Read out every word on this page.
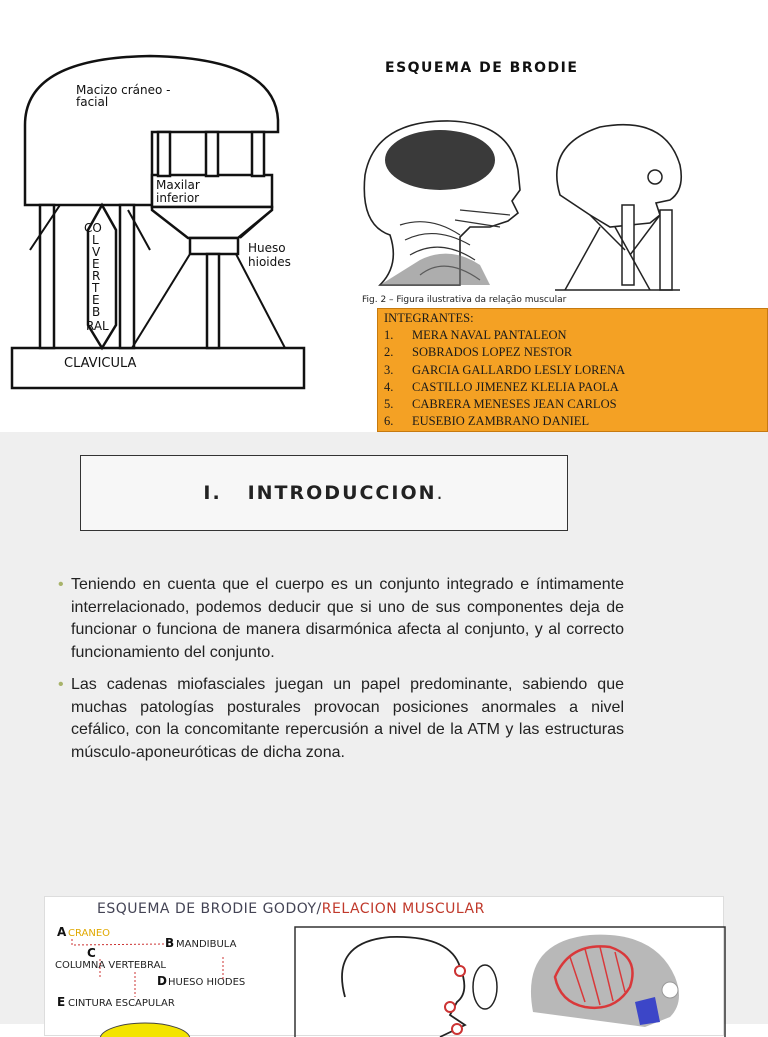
Macizo cráneo -
facial
Maxilar
inferior
Hueso
hioides
CO
L
V
E
R
T
E
B
RAL
CLAVICULA
ESQUEMA DE BRODIE
Fig. 2 – Figura ilustrativa da relação muscular
INTEGRANTES:
1.	MERA NAVAL PANTALEON
2.	SOBRADOS LOPEZ NESTOR
3.	GARCIA GALLARDO LESLY LORENA
4.	CASTILLO JIMENEZ KLELIA PAOLA
5.	CABRERA MENESES JEAN CARLOS
6.	EUSEBIO ZAMBRANO DANIEL
I. INTRODUCCION.

• Teniendo en cuenta que el cuerpo es un conjunto integrado e íntimamente interrelacionado, podemos deducir que si uno de sus componentes deja de funcionar o funciona de manera disarmónica afecta al conjunto, y al correcto funcionamiento del conjunto.

• Las cadenas miofasciales juegan un papel predominante, sabiendo que muchas patologías posturales provocan posiciones anormales a nivel cefálico, con la concomitante repercusión a nivel de la ATM y las estructuras músculo-aponeuróticas de dicha zona.

ESQUEMA DE BRODIE GODOY/RELACION MUSCULAR
A CRANEO
B MANDIBULA
C
COLUMNA VERTEBRAL
D HUESO HIODES
E CINTURA ESCAPULAR
